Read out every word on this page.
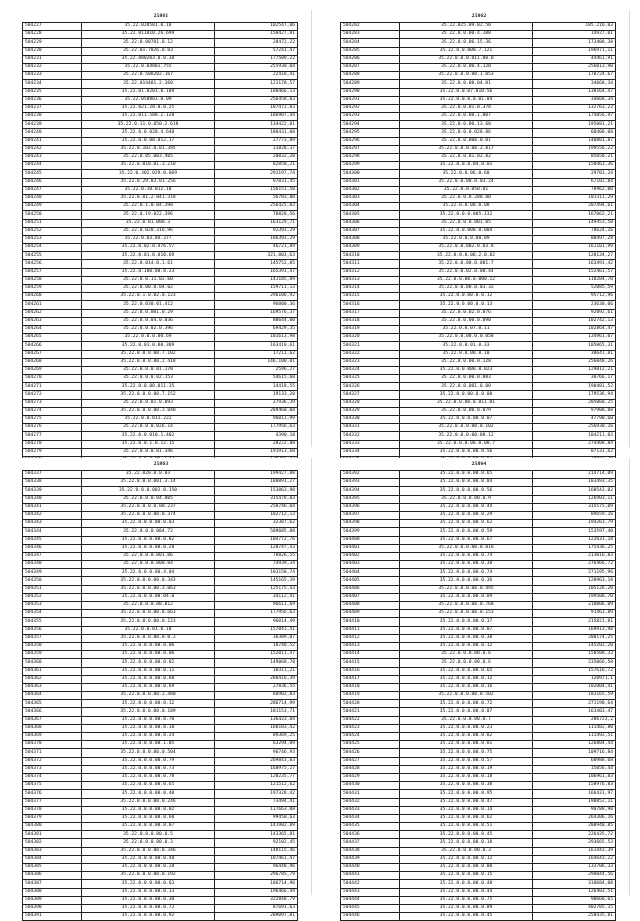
25861
504227	35.22.028501.0.18	102547,06
504228	35.22.011010.26.699	150427,81
504229	35.22.0.08701.0.12	28472,22
504230	35.22.01.7026.0.03	57241,47
504231	35.22.000203.0.0.38	177509,22
504232	35.22.0.04801.755	255930,04
504233	35.22.0.508202.167	22418,41
504234	35.22.014401.2.160	121178,57
504235	35.22.01.0201.0.109	180466,13
504236	35.22.050803.0.09	256458,03
504237	35.22.021.28.0.0.25	187472,83
504238	35.22.011.500.2.128	186987,44
504239	35.22.0.11.0.050.2.618	134422,01
504240	35.22.0.0.020.4.648	180431,08
504241	35.22.0.0.00.012.17	27773,89
504242	35.22.0.102.0.01.395	11828,37
504243	35.22.0.05.003.405	20032,20
504244	35.22.0.010.01.3.210	82858,21
504245	35.22.0.302.029.0.069	291197,74
504246	35.22.0.29.03.01.256	97031,45
504247	35.22.0.10.012.10	156151,50
504248	35.22.0.01.2.041.318	56783,80
504249	35.22.0.1.0.04.398	256425,03
504250	35.22.0.19.022.396	78828,56
504251	35.22.0.01.000.3	163129,71
504252	35.22.0.020.316.96	92393,29
504253	35.22.0.03.04.377	186393,29
504254	35.22.0.02.0.476.57	46721,89
504255	35.22.0.01.0.010.69	321.003,63
504256	35.22.0.014.0.1.61	145752,85
504257	35.22.0.100.00.0.23	165391,47
504258	35.22.0.0.11.02.60	141185,89
504259	35.22.0.00.0.04.02	159711,13
504260	35.22.0.1.0.02.0.123	296106,92
504261	35.22.0.030.01.412	96000,36
504262	35.22.0.0.001.0.29	169576,37
504263	35.22.0.0.04.0.036	80644,00
504264	35.22.0.0.02.0.396	69429,35
504265	35.22.0.0.0.00.69	101613,98
504266	35.22.0.01.0.00.309	163410,61
504267	35.22.0.0.0.00.7.102	17211,62
504268	35.22.0.0.0.00.2.418	146,100,01
504269	35.22.0.0.0.01.170	2596,27
504270	35.22.0.0.0.02.153	54615,60
504271	35.22.0.0.00.011.35	14418,55
504272	35.22.0.0.0.00.7.152	19133,20
504273	35.22.0.0.01.0.093	27936,39
504274	35.22.0.0.0.00.2.040	289460,08
504275	35.22.0.0.011.222	96011,99
504276	35.22.0.0.0.026.14	177956,63
504277	35.22.0.0.010.1.402	4390,18
504278	35.22.0.0.1.0.12.15	28222,80
504279	35.22.0.0.0.01.346	191913,60

25862
504282	35.22.025.09.02.50	185.216,03
504283	35.22.0.0.00.4.180	14927,01
504284	35.22.0.0.06.15.36	173408,38
504285	35.22.0.0.000.7.121	196971,11
504286	35.22.0.0.0.011.00.0	44461,91
504287	35.22.0.0.00.4.120	256013,90
504288	35.22.0.0.0.00.1.053	178724,67
504289	35.22.0.0.00.04.01	34668,34
504290	35.22.0.0.07.010.56	130164,47
504291	35.22.0.0.0.0.01.04	34668,34
504292	35.22.0.0.01.0.378	132763,23
504293	35.22.0.0.00.1.007	174856,97
504294	35.22.0.0.00.13.60	195081,21
504295	35.22.0.0.0.020.86	60400,08
504296	35.22.0.0.000.0.01	140801,87
504297	35.22.0.0.0.00.2.017	199556,22
504298	35.22.0.0.01.02.02	85050,21
504299	35.22.0.0.0.04.0.01	150463,36
504300	35.22.0.0.06.0.60	29701,24
504301	35.22.0.0.00.0.03.24	67102,84
504302	35.22.0.0.050.01	78962,00
504303	35.22.0.0.0.200.80	101311,29
504304	35.22.0.0.00.0.08	207494,61
504305	35.22.0.0.0.005.132	167062,21
504306	35.22.0.0.0.001.05	149453,58
504307	35.22.0.0.000.0.004	78624,16
504308	35.22.0.0.0.00.09	80497,28
504309	35.22.0.0.002.0.03.8	161101,99
504310	35.22.0.0.0.00.2.0.02	128134,27
504311	35.22.0.0.00.0.001.7	163491,42
504312	35.22.0.0.02.0.00.44	152461,57
504313	35.22.0.0.00.0.000.12	118284,70
504314	35.22.0.0.00.0.03.32	52085,59
504315	35.22.0.0.00.0.0.12	95712,96
504316	35.22.0.0.00.0.0.13	23630,06
504317	35.22.0.0.02.0.076	92092,61
504318	35.22.0.0.00.0.090	102742,13
504319	35.22.0.0.07.0.11	102864,47
504320	35.22.0.0.00.0.0.058	134961,07
504321	35.22.0.0.01.0.33	105065,31
504322	35.22.0.0.00.0.10	38641,01
504323	35.22.0.0.00.0.128	256048,26
504324	35.22.0.0.000.0.023	129012,21
504325	35.22.0.0.00.0.083	30766,17
504326	35.22.0.0.001.0.00	190481,52
504327	35.22.0.0.00.0.0.00	179536,94
504328	35.22.0.0.00.0.011.01	205060,25
504329	35.22.0.0.00.0.079	97908,88
504330	35.22.0.0.0.00.0.07	47790,60
504331	35.22.0.0.0.00.0.102	256930,16
504332	35.22.0.0.0.00.08.12	184211,03
504333	35.22.0.0.0.00.0.00.7	274408,84
504334	35.22.0.0.0.00.0.56	87131,62

25863
504337	35.22.020.0.0.03	199427,08
504338	35.22.0.0.0.001.3.14	188091,27
504339	35.22.0.0.0.001.0.150	153863,98
504340	35.22.0.0.0.04.005	315478,03
504341	35.22.0.0.0.0.00.237	258746,04
504342	35.22.0.0.0.00.0.374	182712,13
504343	35.22.0.0.0.00.0.03	32387,62
504344	35.22.0.0.0.004.72	509685,88
504345	35.22.0.0.0.00.0.02	104772,76
504346	35.22.0.0.0.00.0.28	120747,43
504347	35.22.0.0.0.001.06	70826,55
504348	35.22.0.0.0.000.04	74939,34
504349	35.22.0.0.0.00.4.04	103158,74
504350	35.22.0.0.0.00.0.343	145165,39
504351	35.22.0.0.0.00.3.063	125175,43
504352	35.22.0.0.0.00.04.0	34112,41
504353	35.22.0.0.0.00.012	96611,69
504354	35.22.0.0.0.00.0.663	177956,63
504355	35.22.0.0.0.00.0.123	96014,49
504356	35.22.0.0.01.0.10	157041,41
504357	35.22.0.0.0.00.0.0.2	36309,07
504358	35.22.0.0.0.00.0.06	18748,52
504359	35.22.0.0.0.00.0.06	152011,47
504360	35.22.0.0.0.00.0.02	149068,78
504361	35.22.0.0.0.00.0.11	10311,21
504362	35.22.0.0.0.00.0.60	280416,39
504363	35.22.0.0.0.00.0.69	27836,55
504364	35.22.0.0.0.00.2.480	60903,83
504365	35.22.0.0.0.00.0.12	286714,99
504366	35.22.0.0.0.00.0.109	181153,71
504367	35.22.0.0.0.00.0.70	136423,04
504368	35.22.0.0.0.00.0.18	168183,42
504369	35.22.0.0.0.00.0.24	89369,25
504370	35.22.0.0.0.00.1.05	63294,09
504371	35.22.0.0.0.00.0.504	96746,93
504372	35.22.0.0.0.00.0.79	269843,03
504373	35.22.0.0.0.00.0.73	168975,27
504374	35.22.0.0.0.00.0.78	120235,77
504375	35.22.0.0.0.00.0.65	121512,62
504376	35.22.0.0.0.00.0.40	197328,42
504377	35.22.0.0.0.00.0.246	73494,41
504378	35.22.0.0.0.00.0.02	117663,08
504379	35.22.0.0.0.00.0.60	99450,63
504380	35.22.0.0.0.00.0.07	141902,89
504381	35.22.0.0.0.00.0.5	143365,81
504382	35.22.0.0.0.00.0.3	92102,45
504383	35.22.0.0.0.00.0.346	148115,46
504384	35.22.0.0.0.00.0.48	187461,47
504385	35.22.0.0.0.00.0.28	96448,96
504386	35.22.0.0.0.00.0.192	296785,79
504387	35.22.0.0.0.00.0.63	186714,96
504388	35.22.0.0.0.00.0.13	196466,49
504389	35.22.0.0.0.00.0.30	322848,79
504390	35.22.0.0.0.00.0.72	87691,63
504391	35.22.0.0.0.00.0.92	209097,81
25864
504392	35.22.0.0.0.00.0.65	214714,09
504393	35.22.0.0.0.00.0.04	183493,35
504394	35.22.0.0.0.00.0.56	160543,02
504395	35.22.0.0.0.00.0.9	126903,11
504396	35.22.0.0.0.00.0.44	315575,09
504397	35.22.0.0.0.00.0.29	89659,16
504398	35.22.0.0.0.00.0.62	194263,79
504399	35.22.0.0.0.00.0.59	153597,40
504400	35.22.0.0.0.00.0.67	122631,18
504401	35.22.0.0.0.00.0.018	175436,25
504402	35.22.0.0.0.00.0.74	213016,83
504403	35.22.0.0.0.00.0.38	276466,72
504404	35.22.0.0.0.00.0.74	271195,96
504405	35.22.0.0.0.00.0.36	128963,18
504406	35.22.0.0.0.00.0.495	105126,20
504407	35.22.0.0.0.00.0.89	199508,70
504408	35.22.0.0.0.00.0.768	210006,09
504409	35.22.0.0.0.00.0.153	91463,89
504410	35.22.0.0.0.00.0.37	215821,81
504411	35.22.0.0.0.00.0.07	169913,98
504412	35.22.0.0.0.00.0.38	200174,25
504413	35.22.0.0.0.00.0.12	145202,20
504414	35.22.0.0.0.00.0.6	158508,33
504415	35.22.0.0.0.00.0.6	235066,58
504416	35.22.0.0.0.00.0.65	157616,72
504417	35.22.0.0.0.00.0.12	120971,1
504418	35.22.0.0.0.00.0.16	102004,41
504419	35.22.0.0.0.00.0.502	183165,59
504420	35.22.0.0.0.00.0.72	271190,64
504421	35.22.0.0.0.00.0.07	163403,47
504422	35.22.0.0.0.00.0.7	206723,2
504423	35.22.0.0.0.00.0.23	111482,80
504424	35.22.0.0.0.00.0.82	111492,51
504425	35.22.0.0.0.00.0.81	126804,44
504426	35.22.0.0.0.00.0.75	109716,84
504427	35.22.0.0.0.00.0.57	60988,68
504428	35.22.0.0.0.00.0.19	15056,44
504429	35.22.0.0.0.00.0.18	106961,83
504430	35.22.0.0.0.00.0.38	158976,83
504431	35.22.0.0.0.00.0.95	166431,97
504432	35.22.0.0.0.00.0.47	190852,11
504433	35.22.0.0.0.00.0.14	90788,98
504434	35.22.0.0.0.00.0.62	264306,16
504435	35.22.0.0.0.00.0.51	208940,85
504436	35.22.0.0.0.00.0.45	226435,72
504437	35.22.0.0.0.00.0.18	293665,53
504438	35.22.0.0.0.00.0.3	161443,39
504439	35.22.0.0.0.00.0.12	164643,22
504440	35.22.0.0.0.00.0.00	133706,33
504441	35.22.0.0.0.00.0.15	298844,56
504442	35.22.0.0.0.00.0.48	318684,08
504443	35.22.0.0.0.00.0.44	126403,51
504444	35.22.0.0.0.00.0.75	90660,65
504445	35.22.0.0.0.00.0.09	402705,15
504446	35.22.0.0.0.00.0.45	258435,81
